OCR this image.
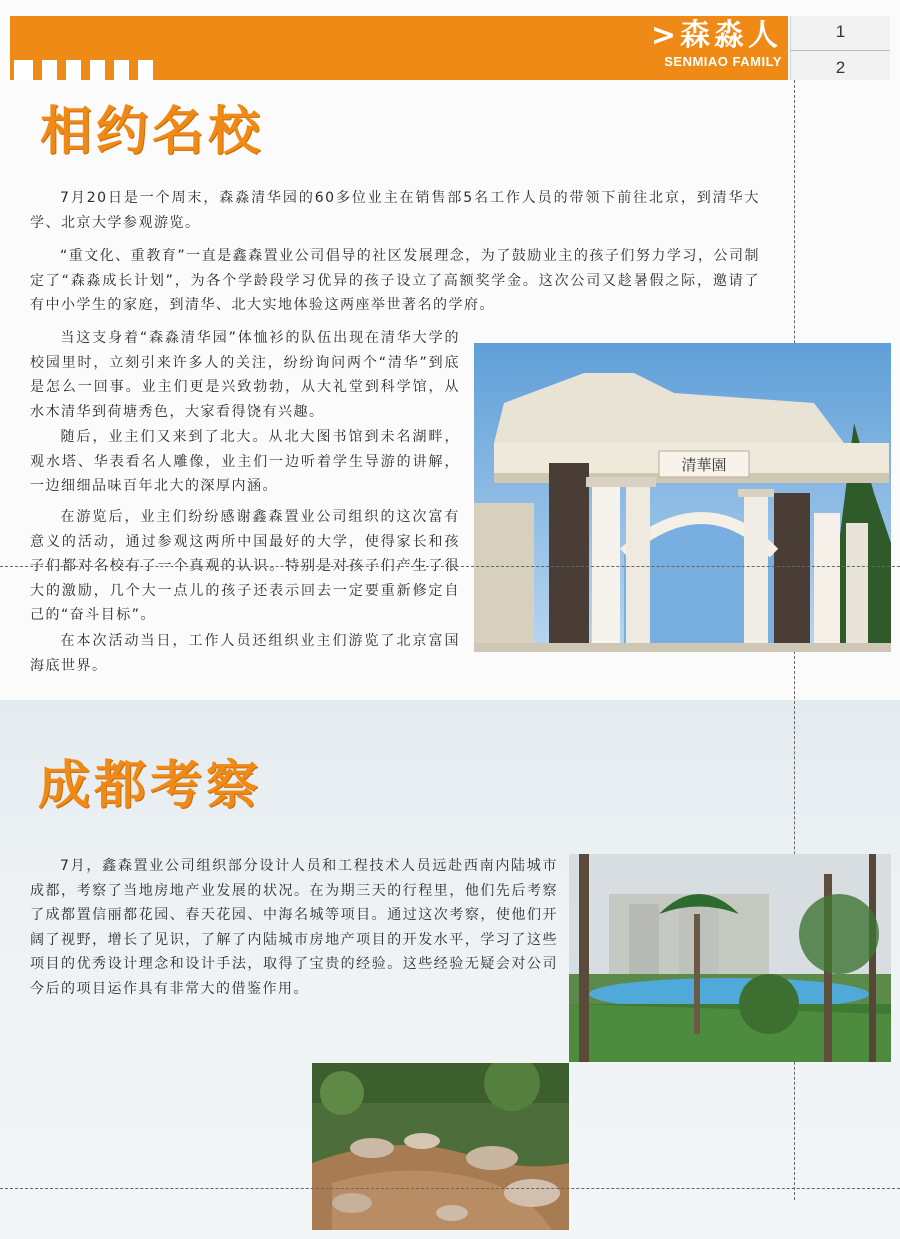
>森淼人
SENMIAO FAMILY
1
2
相约名校

7月20日是一个周末，森淼清华园的60多位业主在销售部5名工作人员的带领下前往北京，到清华大学、北京大学参观游览。

“重文化、重教育”一直是鑫森置业公司倡导的社区发展理念，为了鼓励业主的孩子们努力学习，公司制定了“森淼成长计划”，为各个学龄段学习优异的孩子设立了高额奖学金。这次公司又趁暑假之际，邀请了有中小学生的家庭，到清华、北大实地体验这两座举世著名的学府。

当这支身着“森淼清华园”体恤衫的队伍出现在清华大学的校园里时，立刻引来许多人的关注，纷纷询问两个“清华”到底是怎么一回事。业主们更是兴致勃勃，从大礼堂到科学馆，从水木清华到荷塘秀色，大家看得饶有兴趣。

随后，业主们又来到了北大。从北大图书馆到未名湖畔，观水塔、华表看名人雕像，业主们一边听着学生导游的讲解，一边细细品味百年北大的深厚内涵。

在游览后，业主们纷纷感谢鑫森置业公司组织的这次富有意义的活动，通过参观这两所中国最好的大学，使得家长和孩子们都对名校有了一个真观的认识。特别是对孩子们产生了很大的激励，几个大一点儿的孩子还表示回去一定要重新修定自己的“奋斗目标”。

在本次活动当日，工作人员还组织业主们游览了北京富国海底世界。

清華園
成都考察

7月，鑫森置业公司组织部分设计人员和工程技术人员远赴西南内陆城市成都，考察了当地房地产业发展的状况。在为期三天的行程里，他们先后考察了成都置信丽都花园、春天花园、中海名城等项目。通过这次考察，使他们开阔了视野，增长了见识，了解了内陆城市房地产项目的开发水平，学习了这些项目的优秀设计理念和设计手法，取得了宝贵的经验。这些经验无疑会对公司今后的项目运作具有非常大的借鉴作用。
